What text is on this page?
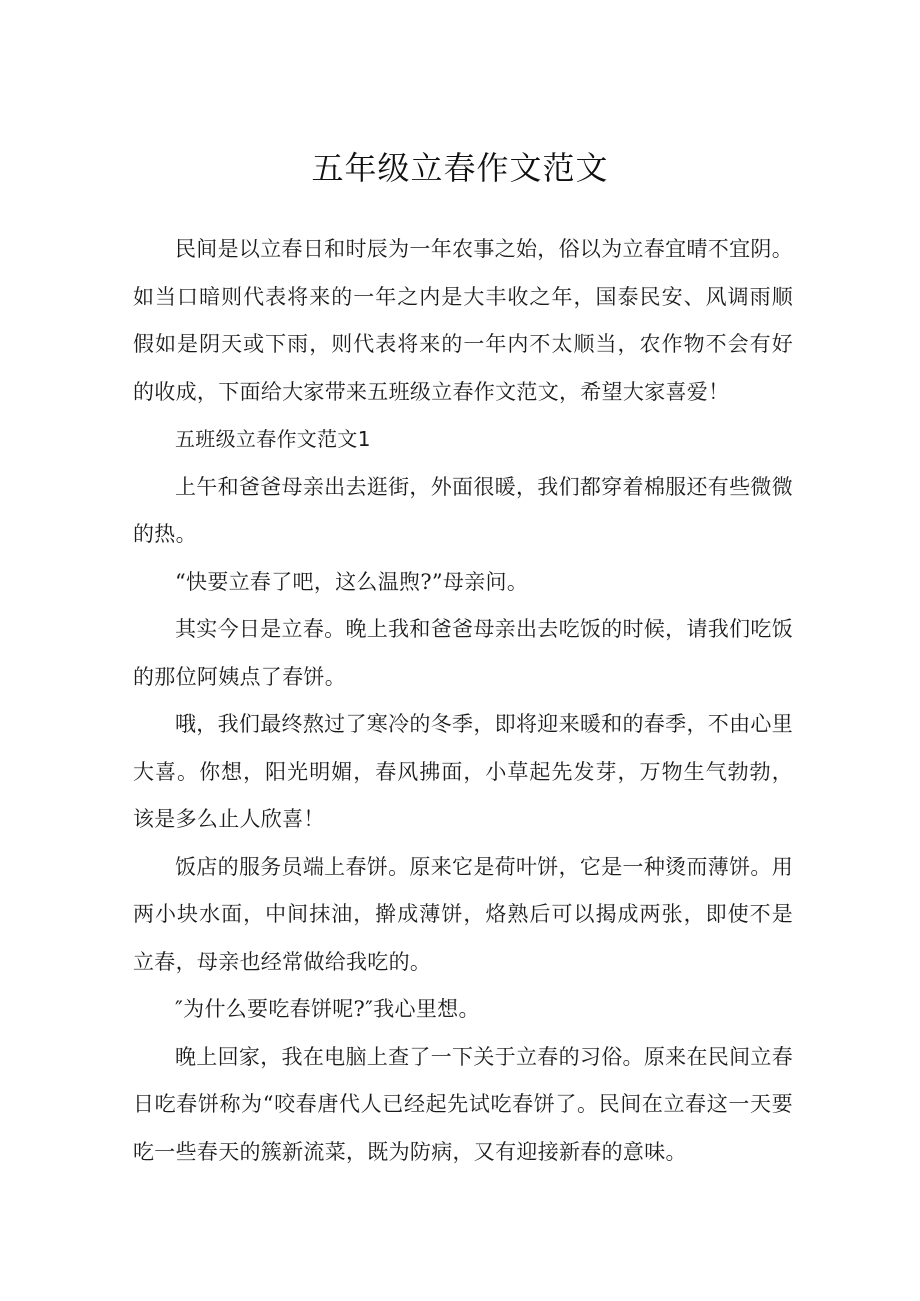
五年级立春作文范文

民间是以立春日和时辰为一年农事之始，俗以为立春宜晴不宜阴。如当口暗则代表将来的一年之内是大丰收之年，国泰民安、风调雨顺假如是阴天或下雨，则代表将来的一年内不太顺当，农作物不会有好的收成，下面给大家带来五班级立春作文范文，希望大家喜爱！

五班级立春作文范文1

上午和爸爸母亲出去逛街，外面很暖，我们都穿着棉服还有些微微的热。

“快要立春了吧，这么温煦?”母亲问。

其实今日是立春。晚上我和爸爸母亲出去吃饭的时候，请我们吃饭的那位阿姨点了春饼。

哦，我们最终熬过了寒冷的冬季，即将迎来暖和的春季，不由心里大喜。你想，阳光明媚，春风拂面，小草起先发芽，万物生气勃勃，该是多么止人欣喜！

饭店的服务员端上春饼。原来它是荷叶饼，它是一种烫而薄饼。用两小块水面，中间抹油，擀成薄饼，烙熟后可以揭成两张，即使不是立春，母亲也经常做给我吃的。

″为什么要吃春饼呢?″我心里想。

晚上回家，我在电脑上查了一下关于立春的习俗。原来在民间立春日吃春饼称为“咬春唐代人已经起先试吃春饼了。民间在立春这一天要吃一些春天的簇新流菜，既为防病，又有迎接新春的意味。
